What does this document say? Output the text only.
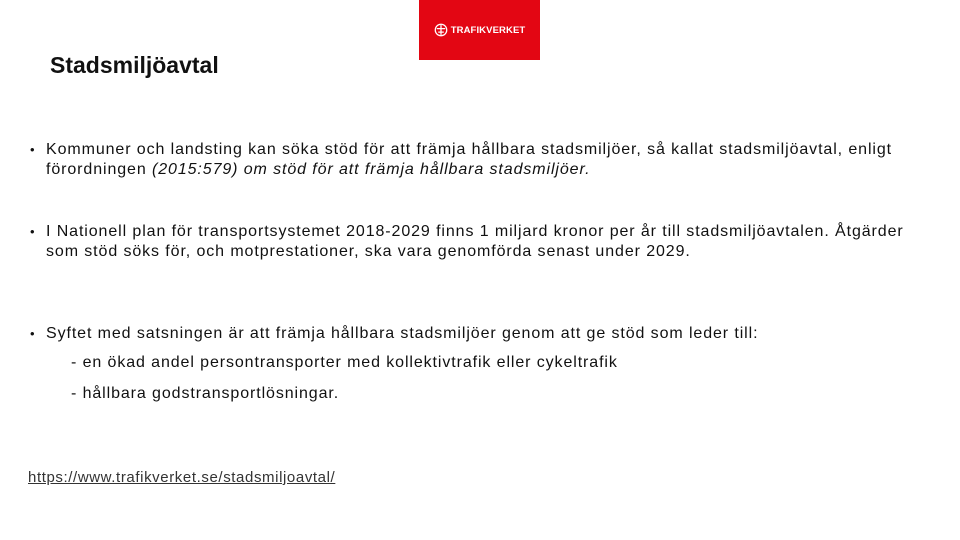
TRAFIKVERKET
Stadsmiljöavtal
• Kommuner och landsting kan söka stöd för att främja hållbara stadsmiljöer, så kallat stadsmiljöavtal, enligt förordningen (2015:579) om stöd för att främja hållbara stadsmiljöer.
• I Nationell plan för transportsystemet 2018-2029 finns 1 miljard kronor per år till stadsmiljöavtalen. Åtgärder som stöd söks för, och motprestationer, ska vara genomförda senast under 2029.
• Syftet med satsningen är att främja hållbara stadsmiljöer genom att ge stöd som leder till:
- en ökad andel persontransporter med kollektivtrafik eller cykeltrafik
- hållbara godstransportlösningar.
https://www.trafikverket.se/stadsmiljoavtal/
